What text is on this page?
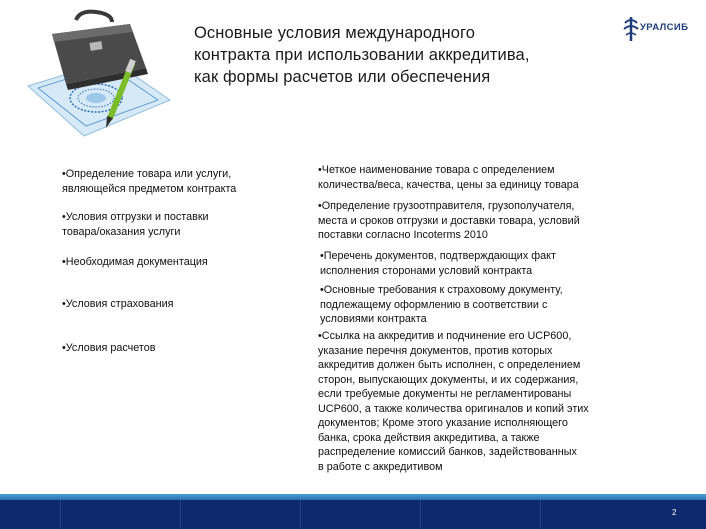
Основные условия международного
контракта при использовании аккредитива,
как формы расчетов или обеспечения
УРАЛСИБ
•Определение товара или услуги,
являющейся предметом контракта
•Четкое наименование товара с определением
количества/веса, качества, цены за единицу товара
•Условия отгрузки и поставки
товара/оказания услуги
•Определение грузоотправителя, грузополучателя,
места и сроков отгрузки и доставки товара, условий
поставки согласно Incoterms 2010
•Необходимая документация	•Перечень документов, подтверждающих факт
исполнения сторонами условий контракта
•Условия страхования
•Основные требования к страховому документу,
подлежащему оформлению в соответствии с
условиями контракта
•Условия расчетов
•Ссылка на аккредитив и подчинение его UCP600,
указание перечня документов, против которых
аккредитив должен быть исполнен, с определением
сторон, выпускающих документы, и их содержания,
если требуемые документы не регламентированы
UCP600, а также количества оригиналов и копий этих
документов; Кроме этого указание исполняющего
банка, срока действия аккредитива, а также
распределение комиссий банков, задействованных
в работе с аккредитивом
2
